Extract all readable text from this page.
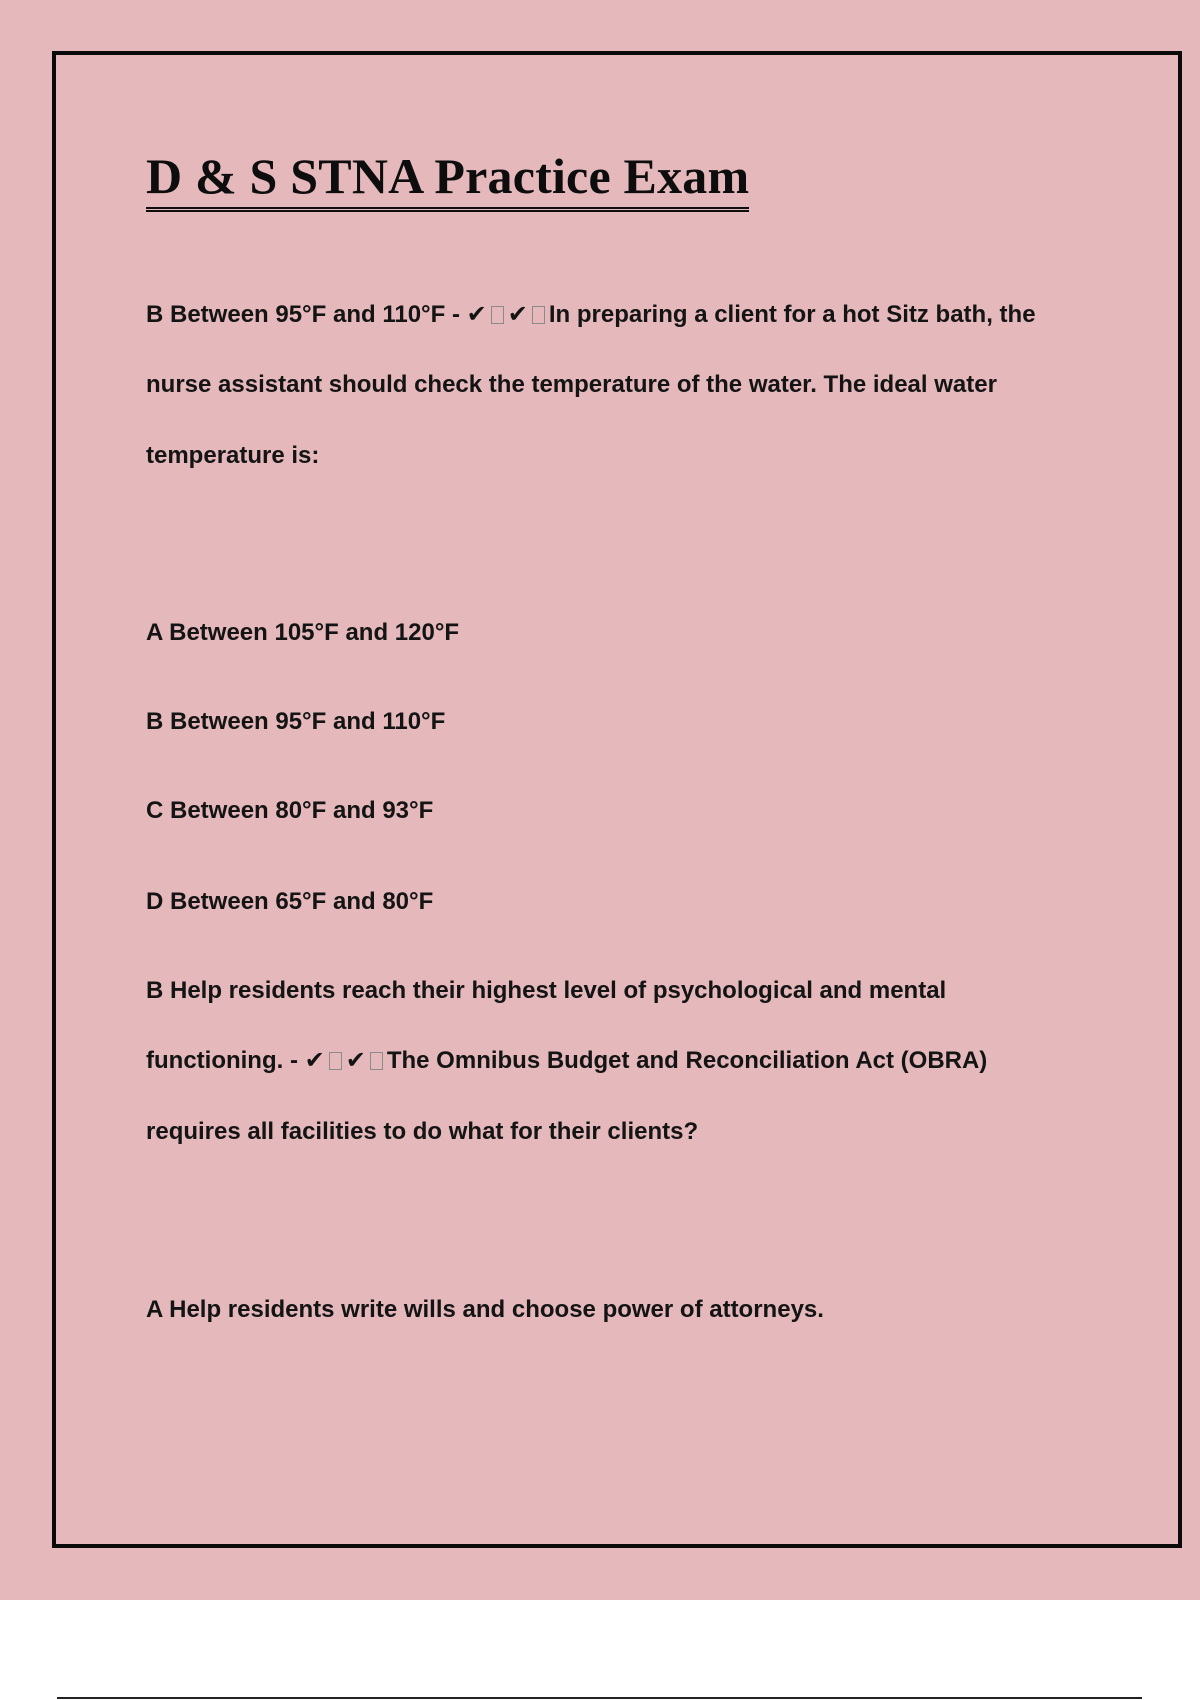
D & S STNA Practice Exam
B Between 95°F and 110°F - ✔ ✔ In preparing a client for a hot Sitz bath, the
nurse assistant should check the temperature of the water. The ideal water
temperature is:
A Between 105°F and 120°F
B Between 95°F and 110°F
C Between 80°F and 93°F
D Between 65°F and 80°F
B Help residents reach their highest level of psychological and mental
functioning. - ✔ ✔ The Omnibus Budget and Reconciliation Act (OBRA)
requires all facilities to do what for their clients?
A Help residents write wills and choose power of attorneys.
